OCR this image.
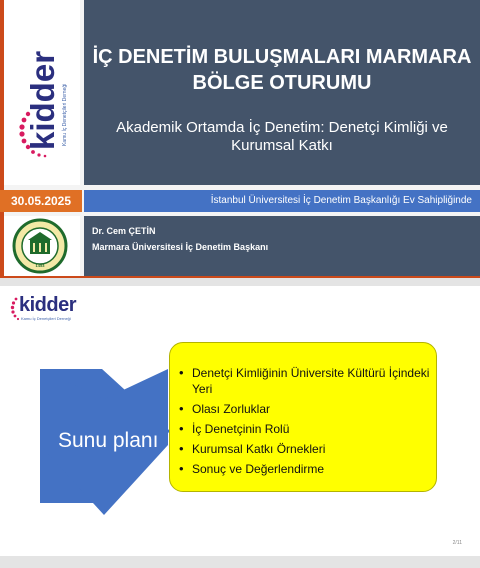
kidder Kamu İç Denetçileri Derneği
İÇ DENETİM BULUŞMALARI MARMARA BÖLGE OTURUMU
Akademik Ortamda İç Denetim: Denetçi Kimliği ve Kurumsal Katkı
30.05.2025	İstanbul Üniversitesi İç Denetim Başkanlığı Ev Sahipliğinde
1453
Dr. Cem ÇETİN
Marmara Üniversitesi İç Denetim Başkanı
kidder
Kamu İç Denetçileri Derneği
Sunu planı
• Denetçi Kimliğinin Üniversite Kültürü İçindeki Yeri
• Olası Zorluklar
• İç Denetçinin Rolü
• Kurumsal Katkı Örnekleri
• Sonuç ve Değerlendirme
2/11
